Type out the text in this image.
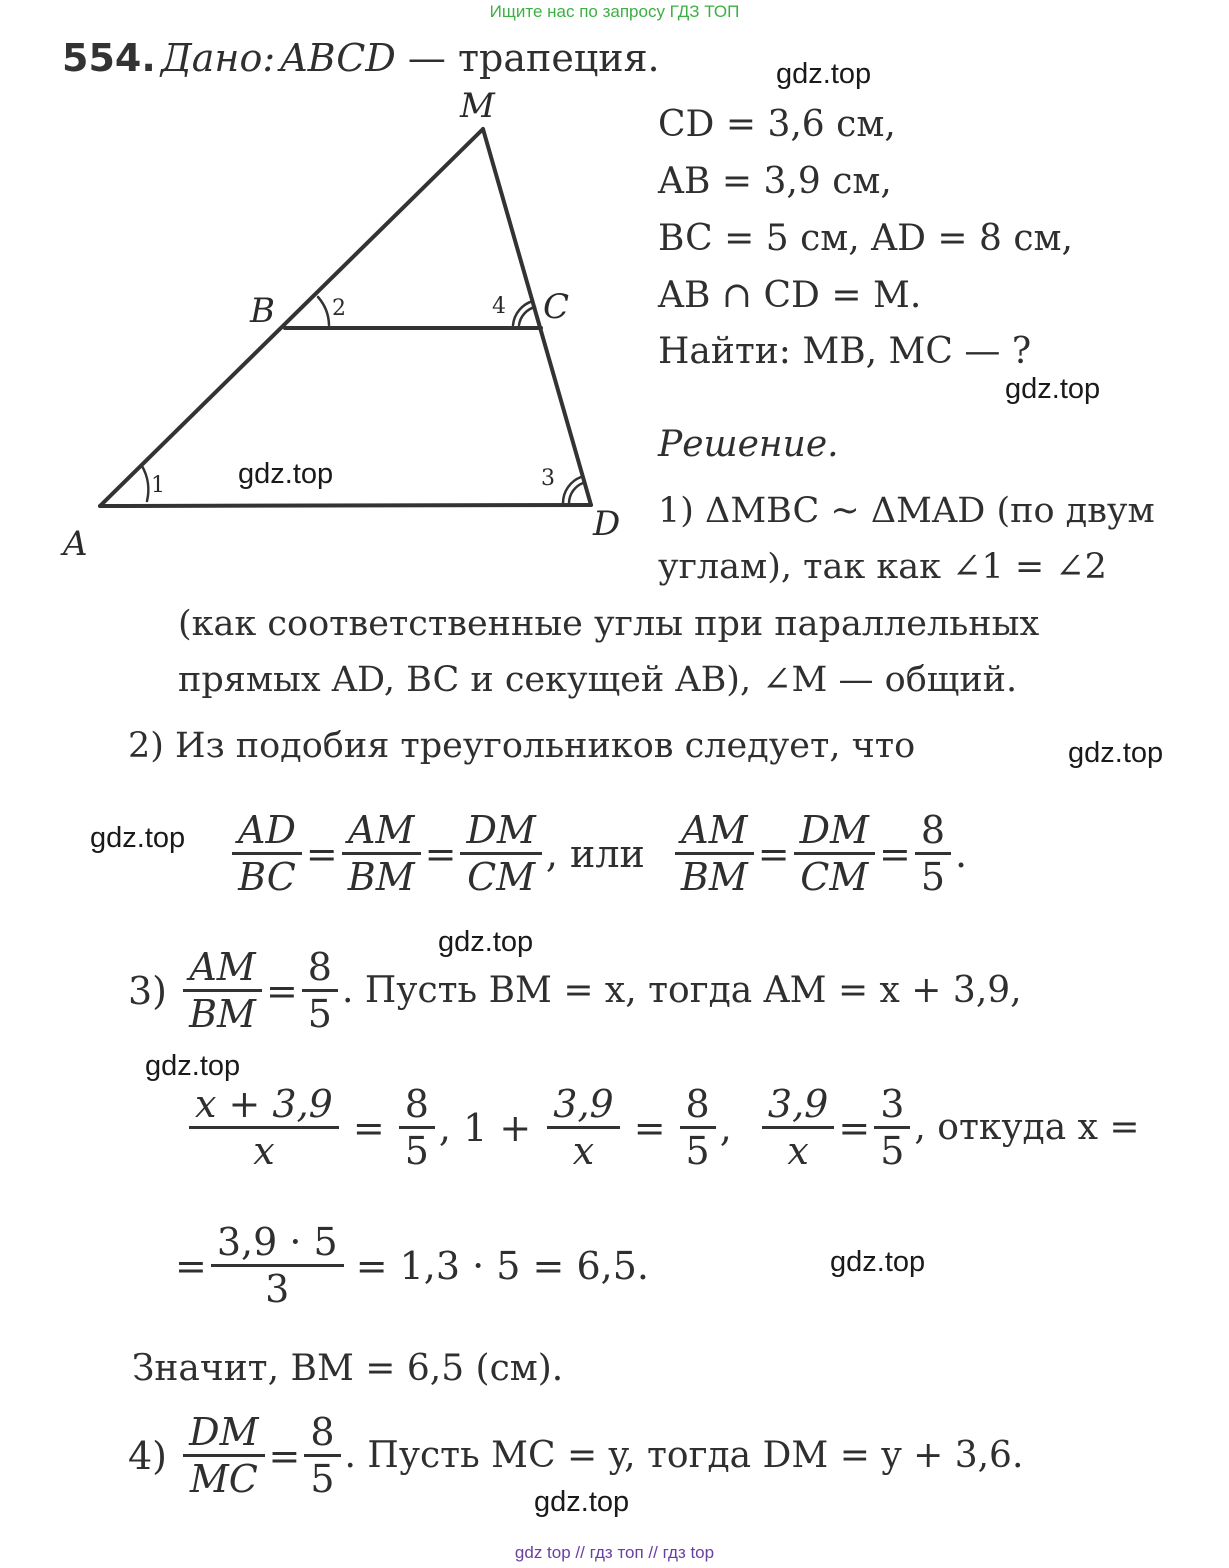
Ищите нас по запросу ГДЗ ТОП
554. Дано: ABCD — трапеция.
M
B	C
A	D
1
2
3
4
CD = 3,6 см,
AB = 3,9 см,
BC = 5 см, AD = 8 см,
AB ∩ CD = M.
Найти: MB, MC — ?
Решение.
1) ΔMBC ~ ΔMAD (по двум
углам), так как ∠1 = ∠2
(как соответственные углы при параллельных
прямых AD, BC и секущей AB), ∠M — общий.
2) Из подобия треугольников следует, что
$\frac{AD}{BC} = \frac{AM}{BM} = \frac{DM}{CM}$ , или $\frac{AM}{BM} = \frac{DM}{CM} = \frac{8}{5}$ .
$3) \frac{AM}{BM} = \frac{8}{5}$ . Пусть BM = x, тогда AM = x + 3,9,
$\frac{x + 3,9}{x} = \frac{8}{5}$ , $1 + \frac{3,9}{x} = \frac{8}{5}$ , $\frac{3,9}{x} = \frac{3}{5}$ , откуда x =
= $\frac{3,9 \cdot 5}{3} = 1,3 \cdot 5 = 6,5$.
Значит, BM = 6,5 (см).
$4) \frac{DM}{MC} = \frac{8}{5}$ . Пусть MC = y, тогда DM = y + 3,6.
gdz.top
gdz.top
gdz.top
gdz.top
gdz.top
gdz.top
gdz.top
gdz.top
gdz.top
gdz top // гдз топ // гдз top
